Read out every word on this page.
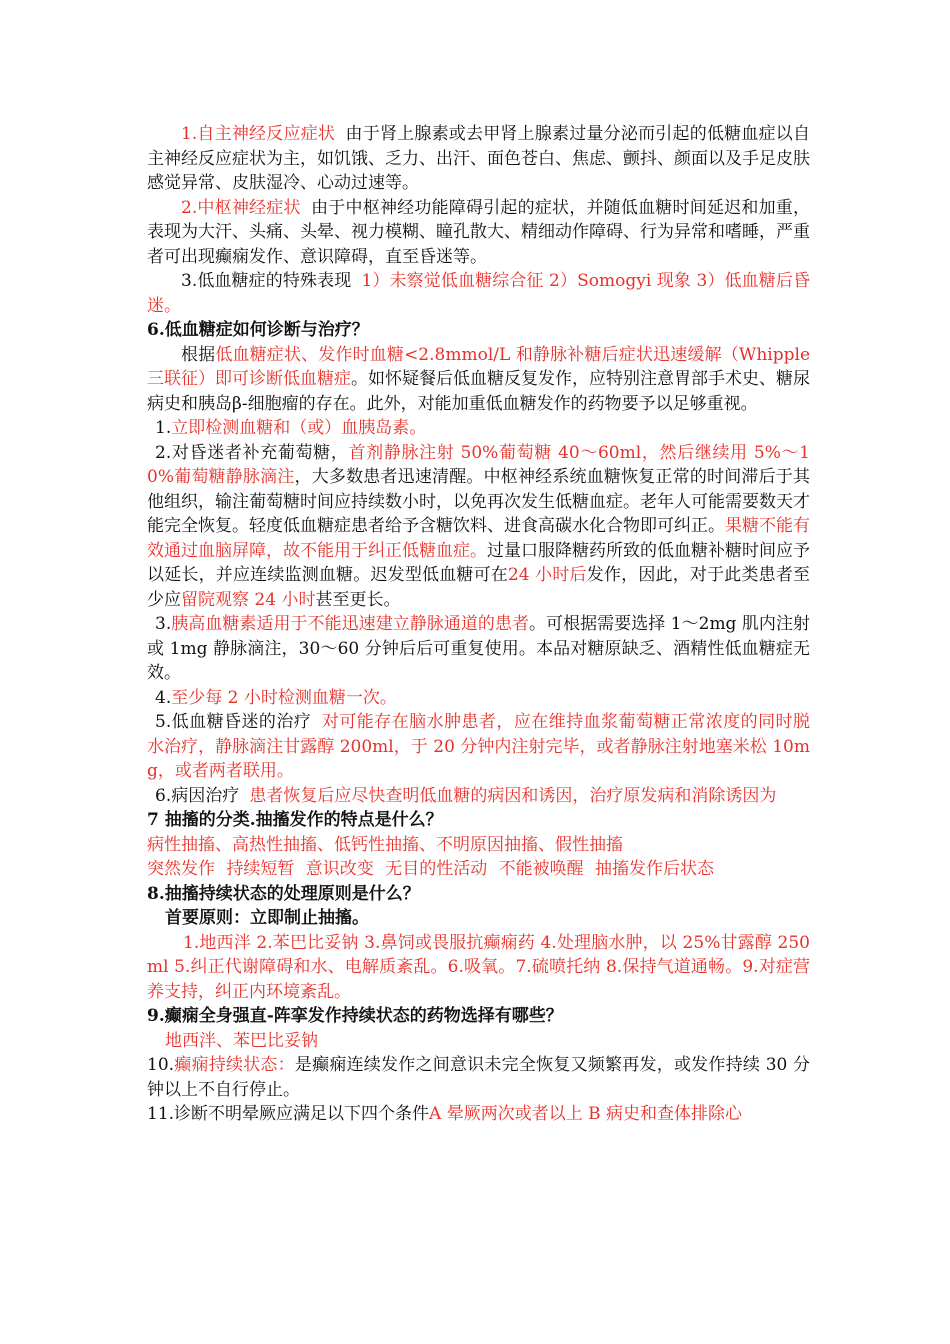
1.自主神经反应症状 由于肾上腺素或去甲肾上腺素过量分泌而引起的低糖血症以自主神经反应症状为主，如饥饿、乏力、出汗、面色苍白、焦虑、颤抖、颜面以及手足皮肤感觉异常、皮肤湿冷、心动过速等。

2.中枢神经症状 由于中枢神经功能障碍引起的症状，并随低血糖时间延迟和加重，表现为大汗、头痛、头晕、视力模糊、瞳孔散大、精细动作障碍、行为异常和嗜睡，严重者可出现癫痫发作、意识障碍，直至昏迷等。

3.低血糖症的特殊表现 1）未察觉低血糖综合征 2）Somogyi 现象 3）低血糖后昏迷。

6.低血糖症如何诊断与治疗？

根据低血糖症状、发作时血糖<2.8mmol/L 和静脉补糖后症状迅速缓解（Whipple 三联征）即可诊断低血糖症。如怀疑餐后低血糖反复发作，应特别注意胃部手术史、糖尿病史和胰岛β-细胞瘤的存在。此外，对能加重低血糖发作的药物要予以足够重视。

1.立即检测血糖和（或）血胰岛素。

2.对昏迷者补充葡萄糖，首剂静脉注射 50%葡萄糖 40～60ml，然后继续用 5%～10%葡萄糖静脉滴注，大多数患者迅速清醒。中枢神经系统血糖恢复正常的时间滞后于其他组织，输注葡萄糖时间应持续数小时，以免再次发生低糖血症。老年人可能需要数天才能完全恢复。轻度低血糖症患者给予含糖饮料、进食高碳水化合物即可纠正。果糖不能有效通过血脑屏障，故不能用于纠正低糖血症。过量口服降糖药所致的低血糖补糖时间应予以延长，并应连续监测血糖。迟发型低血糖可在24 小时后发作，因此，对于此类患者至少应留院观察 24 小时甚至更长。

3.胰高血糖素适用于不能迅速建立静脉通道的患者。可根据需要选择 1～2mg 肌内注射或 1mg 静脉滴注，30～60 分钟后后可重复使用。本品对糖原缺乏、酒精性低血糖症无效。

4.至少每 2 小时检测血糖一次。

5.低血糖昏迷的治疗 对可能存在脑水肿患者，应在维持血浆葡萄糖正常浓度的同时脱水治疗，静脉滴注甘露醇 200ml，于 20 分钟内注射完毕，或者静脉注射地塞米松 10mg，或者两者联用。

6.病因治疗 患者恢复后应尽快查明低血糖的病因和诱因，治疗原发病和消除诱因为

7 抽搐的分类.抽搐发作的特点是什么？

病性抽搐、高热性抽搐、低钙性抽搐、不明原因抽搐、假性抽搐

突然发作 持续短暂 意识改变 无目的性活动 不能被唤醒 抽搐发作后状态

8.抽搐持续状态的处理原则是什么？

首要原则：立即制止抽搐。

1.地西泮 2.苯巴比妥钠 3.鼻饲或畏服抗癫痫药 4.处理脑水肿，以 25%甘露醇 250ml 5.纠正代谢障碍和水、电解质紊乱。6.吸氧。7.硫喷托纳 8.保持气道通畅。9.对症营养支持，纠正内环境紊乱。

9.癫痫全身强直-阵挛发作持续状态的药物选择有哪些？

地西泮、苯巴比妥钠

10.癫痫持续状态：是癫痫连续发作之间意识未完全恢复又频繁再发，或发作持续 30 分钟以上不自行停止。

11.诊断不明晕厥应满足以下四个条件A 晕厥两次或者以上 B 病史和查体排除心
